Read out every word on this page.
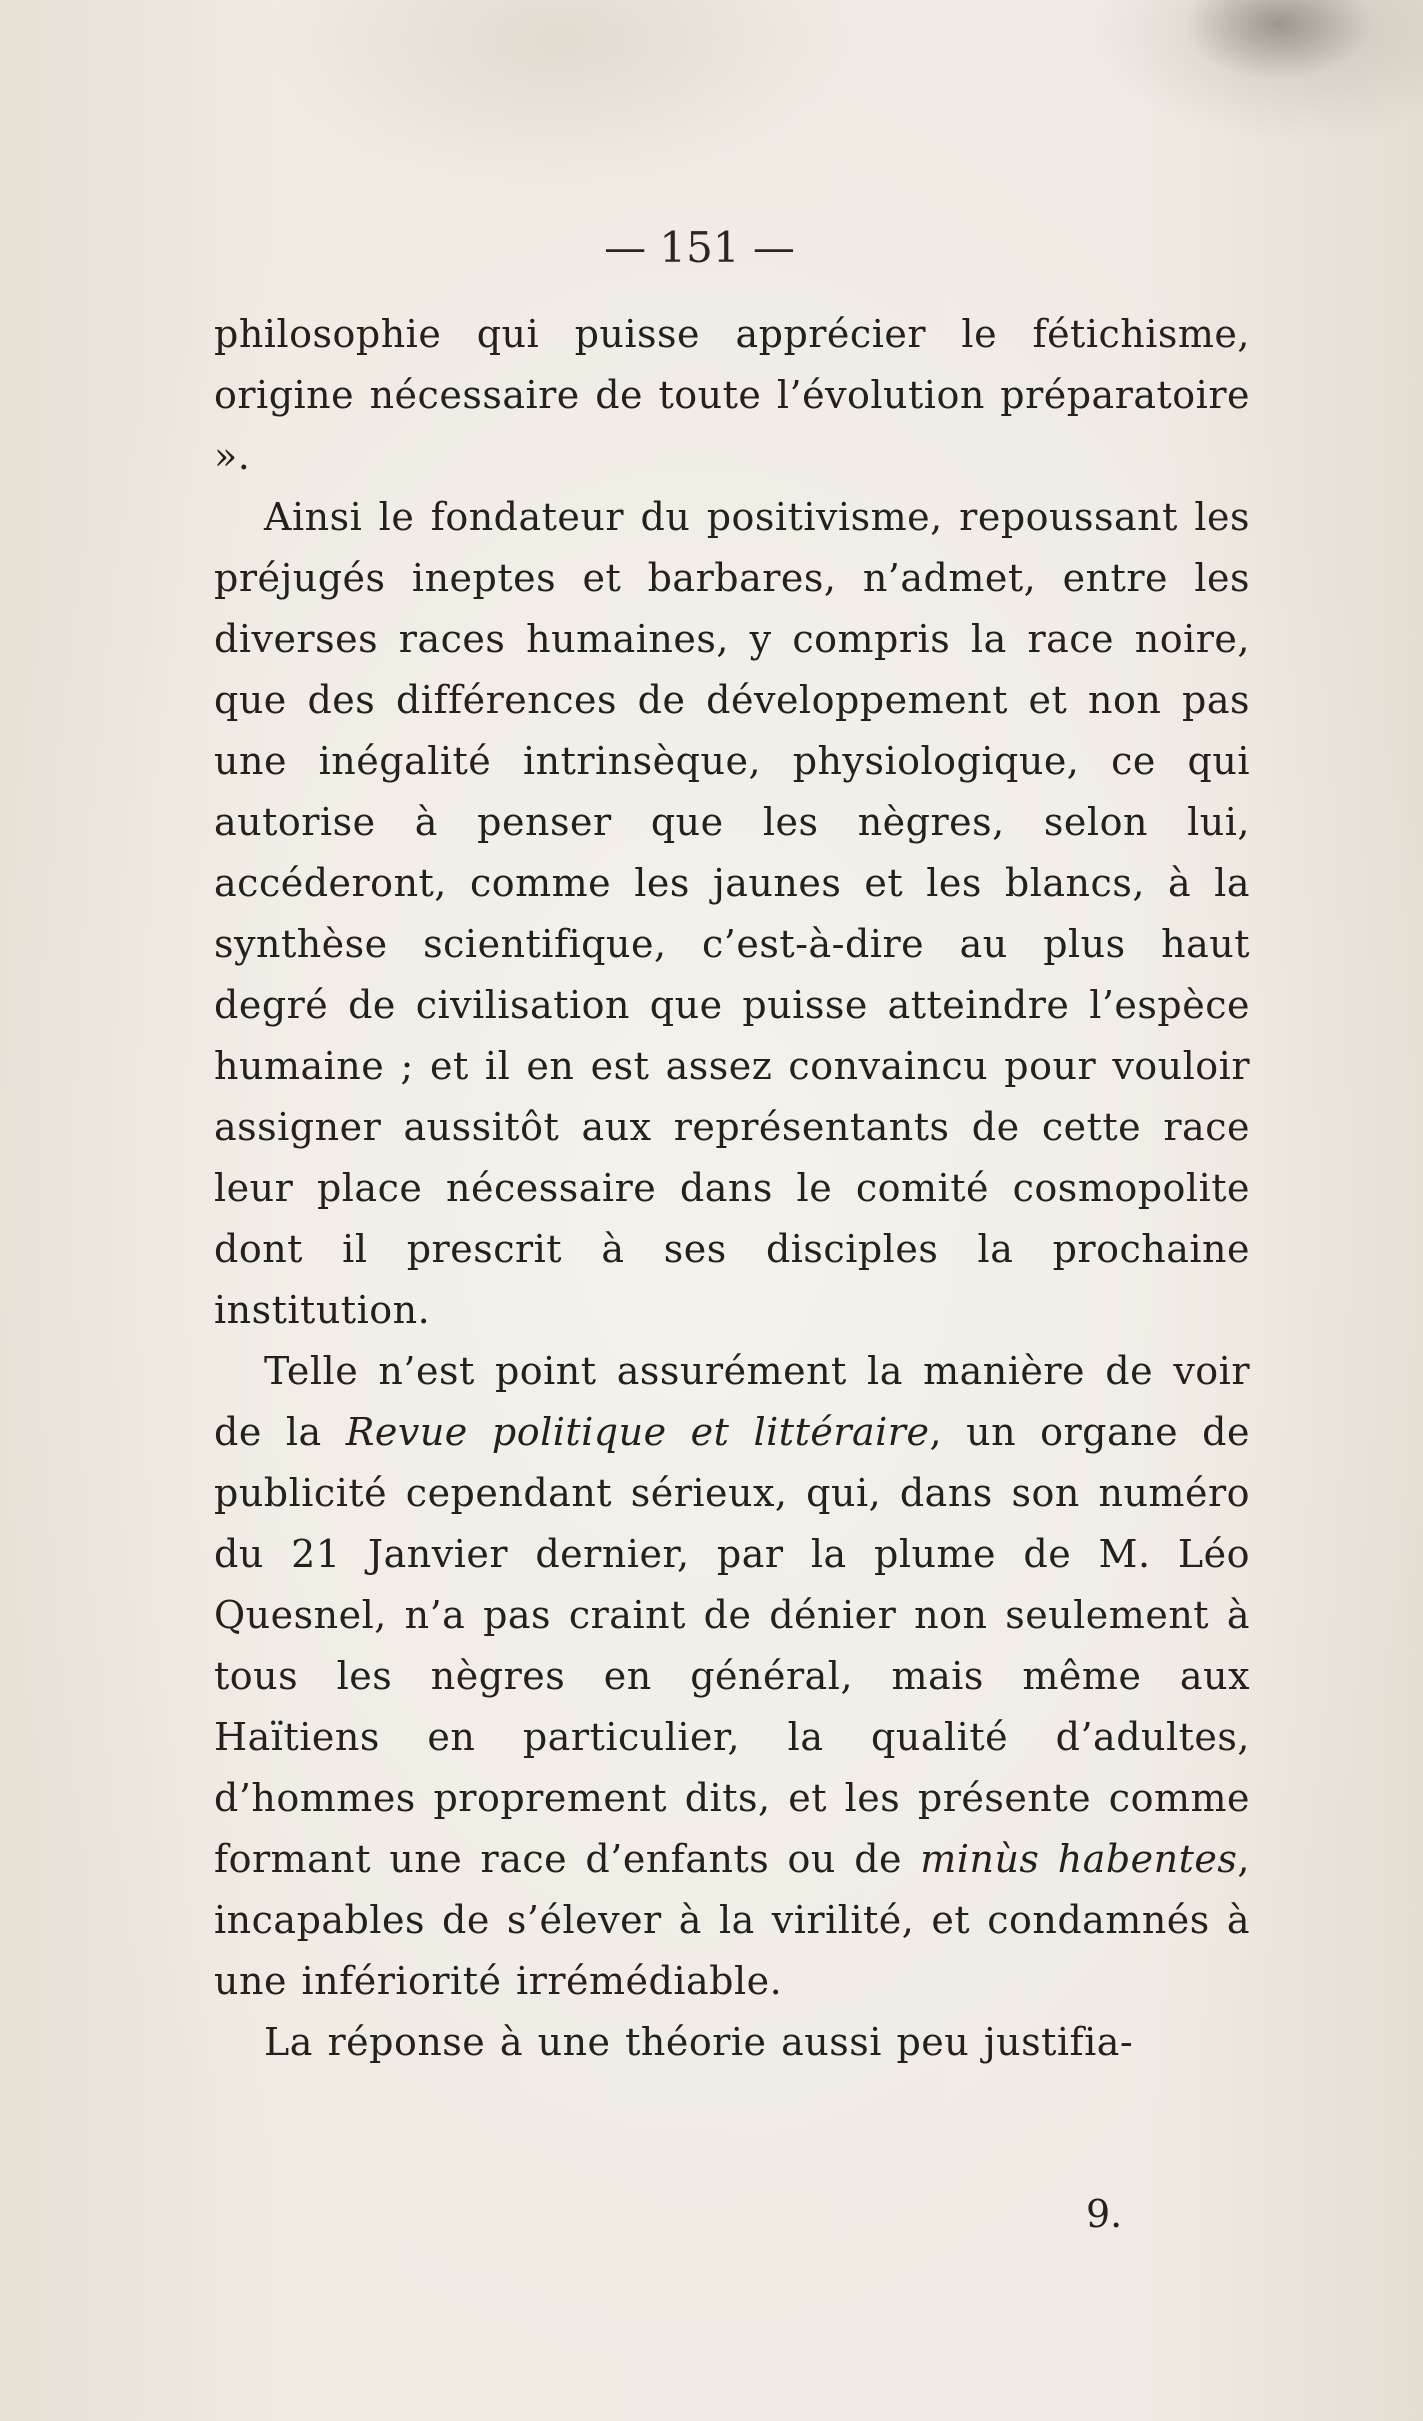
— 151 —

philosophie qui puisse apprécier le fétichisme, origine nécessaire de toute l’évolution préparatoire ».

Ainsi le fondateur du positivisme, repoussant les préjugés ineptes et barbares, n’admet, entre les diverses races humaines, y compris la race noire, que des différences de développement et non pas une inégalité intrinsèque, physiologique, ce qui autorise à penser que les nègres, selon lui, accéderont, comme les jaunes et les blancs, à la synthèse scientifique, c’est-à-dire au plus haut degré de civilisation que puisse atteindre l’espèce humaine ; et il en est assez convaincu pour vouloir assigner aussitôt aux représentants de cette race leur place nécessaire dans le comité cosmopolite dont il prescrit à ses disciples la prochaine institution.

Telle n’est point assurément la manière de voir de la Revue politique et littéraire, un organe de publicité cependant sérieux, qui, dans son numéro du 21 Janvier dernier, par la plume de M. Léo Quesnel, n’a pas craint de dénier non seulement à tous les nègres en général, mais même aux Haïtiens en particulier, la qualité d’adultes, d’hommes proprement dits, et les présente comme formant une race d’enfants ou de minùs habentes, incapables de s’élever à la virilité, et condamnés à une infériorité irrémédiable.

La réponse à une théorie aussi peu justifia-

9.
